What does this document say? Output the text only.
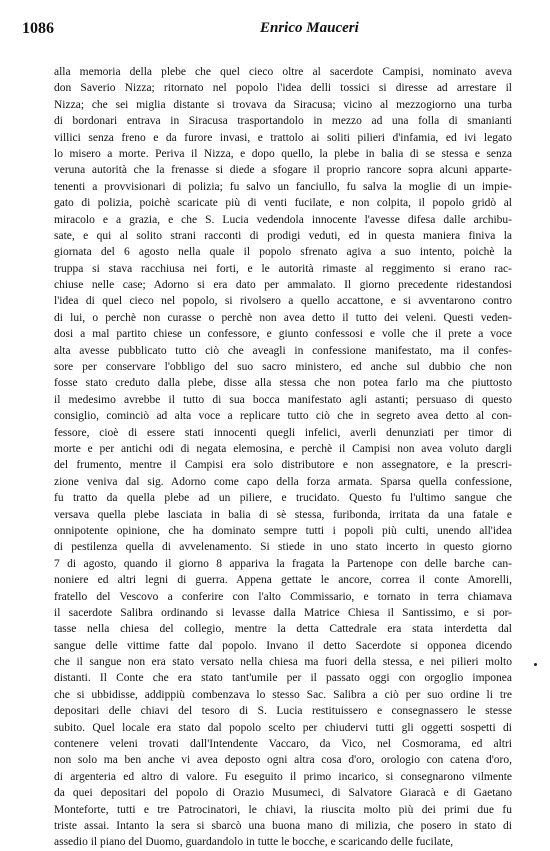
1086	Enrico Mauceri
alla memoria della plebe che quel cieco oltre al sacerdote Campisi, nominato aveva
don Saverio Nizza; ritornato nel popolo l'idea delli tossici si diresse ad arrestare il
Nizza; che sei miglia distante si trovava da Siracusa; vicino al mezzogiorno una turba
di bordonari entrava in Siracusa trasportandolo in mezzo ad una folla di smanianti
villici senza freno e da furore invasi, e trattolo ai soliti pilieri d'infamia, ed ivi legato
lo misero a morte. Periva il Nizza, e dopo quello, la plebe in balia di se stessa e senza
veruna autorità che la frenasse si diede a sfogare il proprio rancore sopra alcuni apparte-
tenenti a provvisionari di polizia; fu salvo un fanciullo, fu salva la moglie di un impie-
gato di polizia, poichè scaricate più di venti fucilate, e non colpita, il popolo gridò al
miracolo e a grazia, e che S. Lucia vedendola innocente l'avesse difesa dalle archibu-
sate, e qui al solito strani racconti di prodigi veduti, ed in questa maniera finiva la
giornata del 6 agosto nella quale il popolo sfrenato agiva a suo intento, poichè la
truppa si stava racchiusa nei forti, e le autorità rimaste al reggimento si erano rac-
chiuse nelle case; Adorno si era dato per ammalato. Il giorno precedente ridestandosi
l'idea di quel cieco nel popolo, si rivolsero a quello accattone, e si avventarono contro
di lui, o perchè non curasse o perchè non avea detto il tutto dei veleni. Questi veden-
dosi a mal partito chiese un confessore, e giunto confessosi e volle che il prete a voce
alta avesse pubblicato tutto ciò che aveagli in confessione manifestato, ma il confes-
sore per conservare l'obbligo del suo sacro ministero, ed anche sul dubbio che non
fosse stato creduto dalla plebe, disse alla stessa che non potea farlo ma che piuttosto
il medesimo avrebbe il tutto di sua bocca manifestato agli astanti; persuaso di questo
consiglio, cominciò ad alta voce a replicare tutto ciò che in segreto avea detto al con-
fessore, cioè di essere stati innocenti quegli infelici, averli denunziati per timor di
morte e per antichi odi di negata elemosina, e perchè il Campisi non avea voluto dargli
del frumento, mentre il Campisi era solo distributore e non assegnatore, e la prescri-
zione veniva dal sig. Adorno come capo della forza armata. Sparsa quella confessione,
fu tratto da quella plebe ad un piliere, e trucidato. Questo fu l'ultimo sangue che
versava quella plebe lasciata in balia di sè stessa, furibonda, irritata da una fatale e
onnipotente opinione, che ha dominato sempre tutti i popoli più culti, unendo all'idea
di pestilenza quella di avvelenamento. Si stiede in uno stato incerto in questo giorno
7 di agosto, quando il giorno 8 appariva la fragata la Partenope con delle barche can-
noniere ed altri legni di guerra. Appena gettate le ancore, correa il conte Amorelli,
fratello del Vescovo a conferire con l'alto Commissario, e tornato in terra chiamava
il sacerdote Salibra ordinando si levasse dalla Matrice Chiesa il Santissimo, e si por-
tasse nella chiesa del collegio, mentre la detta Cattedrale era stata interdetta dal
sangue delle vittime fatte dal popolo. Invano il detto Sacerdote si opponea dicendo
che il sangue non era stato versato nella chiesa ma fuori della stessa, e nei pilieri molto
distanti. Il Conte che era stato tant'umile per il passato oggi con orgoglio imponea
che si ubbidisse, addippiù combenzava lo stesso Sac. Salibra a ciò per suo ordine li tre
depositari delle chiavi del tesoro di S. Lucia restituissero e consegnassero le stesse
subito. Quel locale era stato dal popolo scelto per chiudervi tutti gli oggetti sospetti di
contenere veleni trovati dall'Intendente Vaccaro, da Vico, nel Cosmorama, ed altri
non solo ma ben anche vi avea deposto ogni altra cosa d'oro, orologio con catena d'oro,
di argenteria ed altro di valore. Fu eseguito il primo incarico, si consegnarono vilmente
da quei depositari del popolo di Orazio Musumeci, di Salvatore Giaracà e di Gaetano
Monteforte, tutti e tre Patrocinatori, le chiavi, la riuscita molto più dei primi due fu
triste assai. Intanto la sera si sbarcò una buona mano di milizia, che posero in stato di
assedio il piano del Duomo, guardandolo in tutte le bocche, e scaricando delle fucilate,
